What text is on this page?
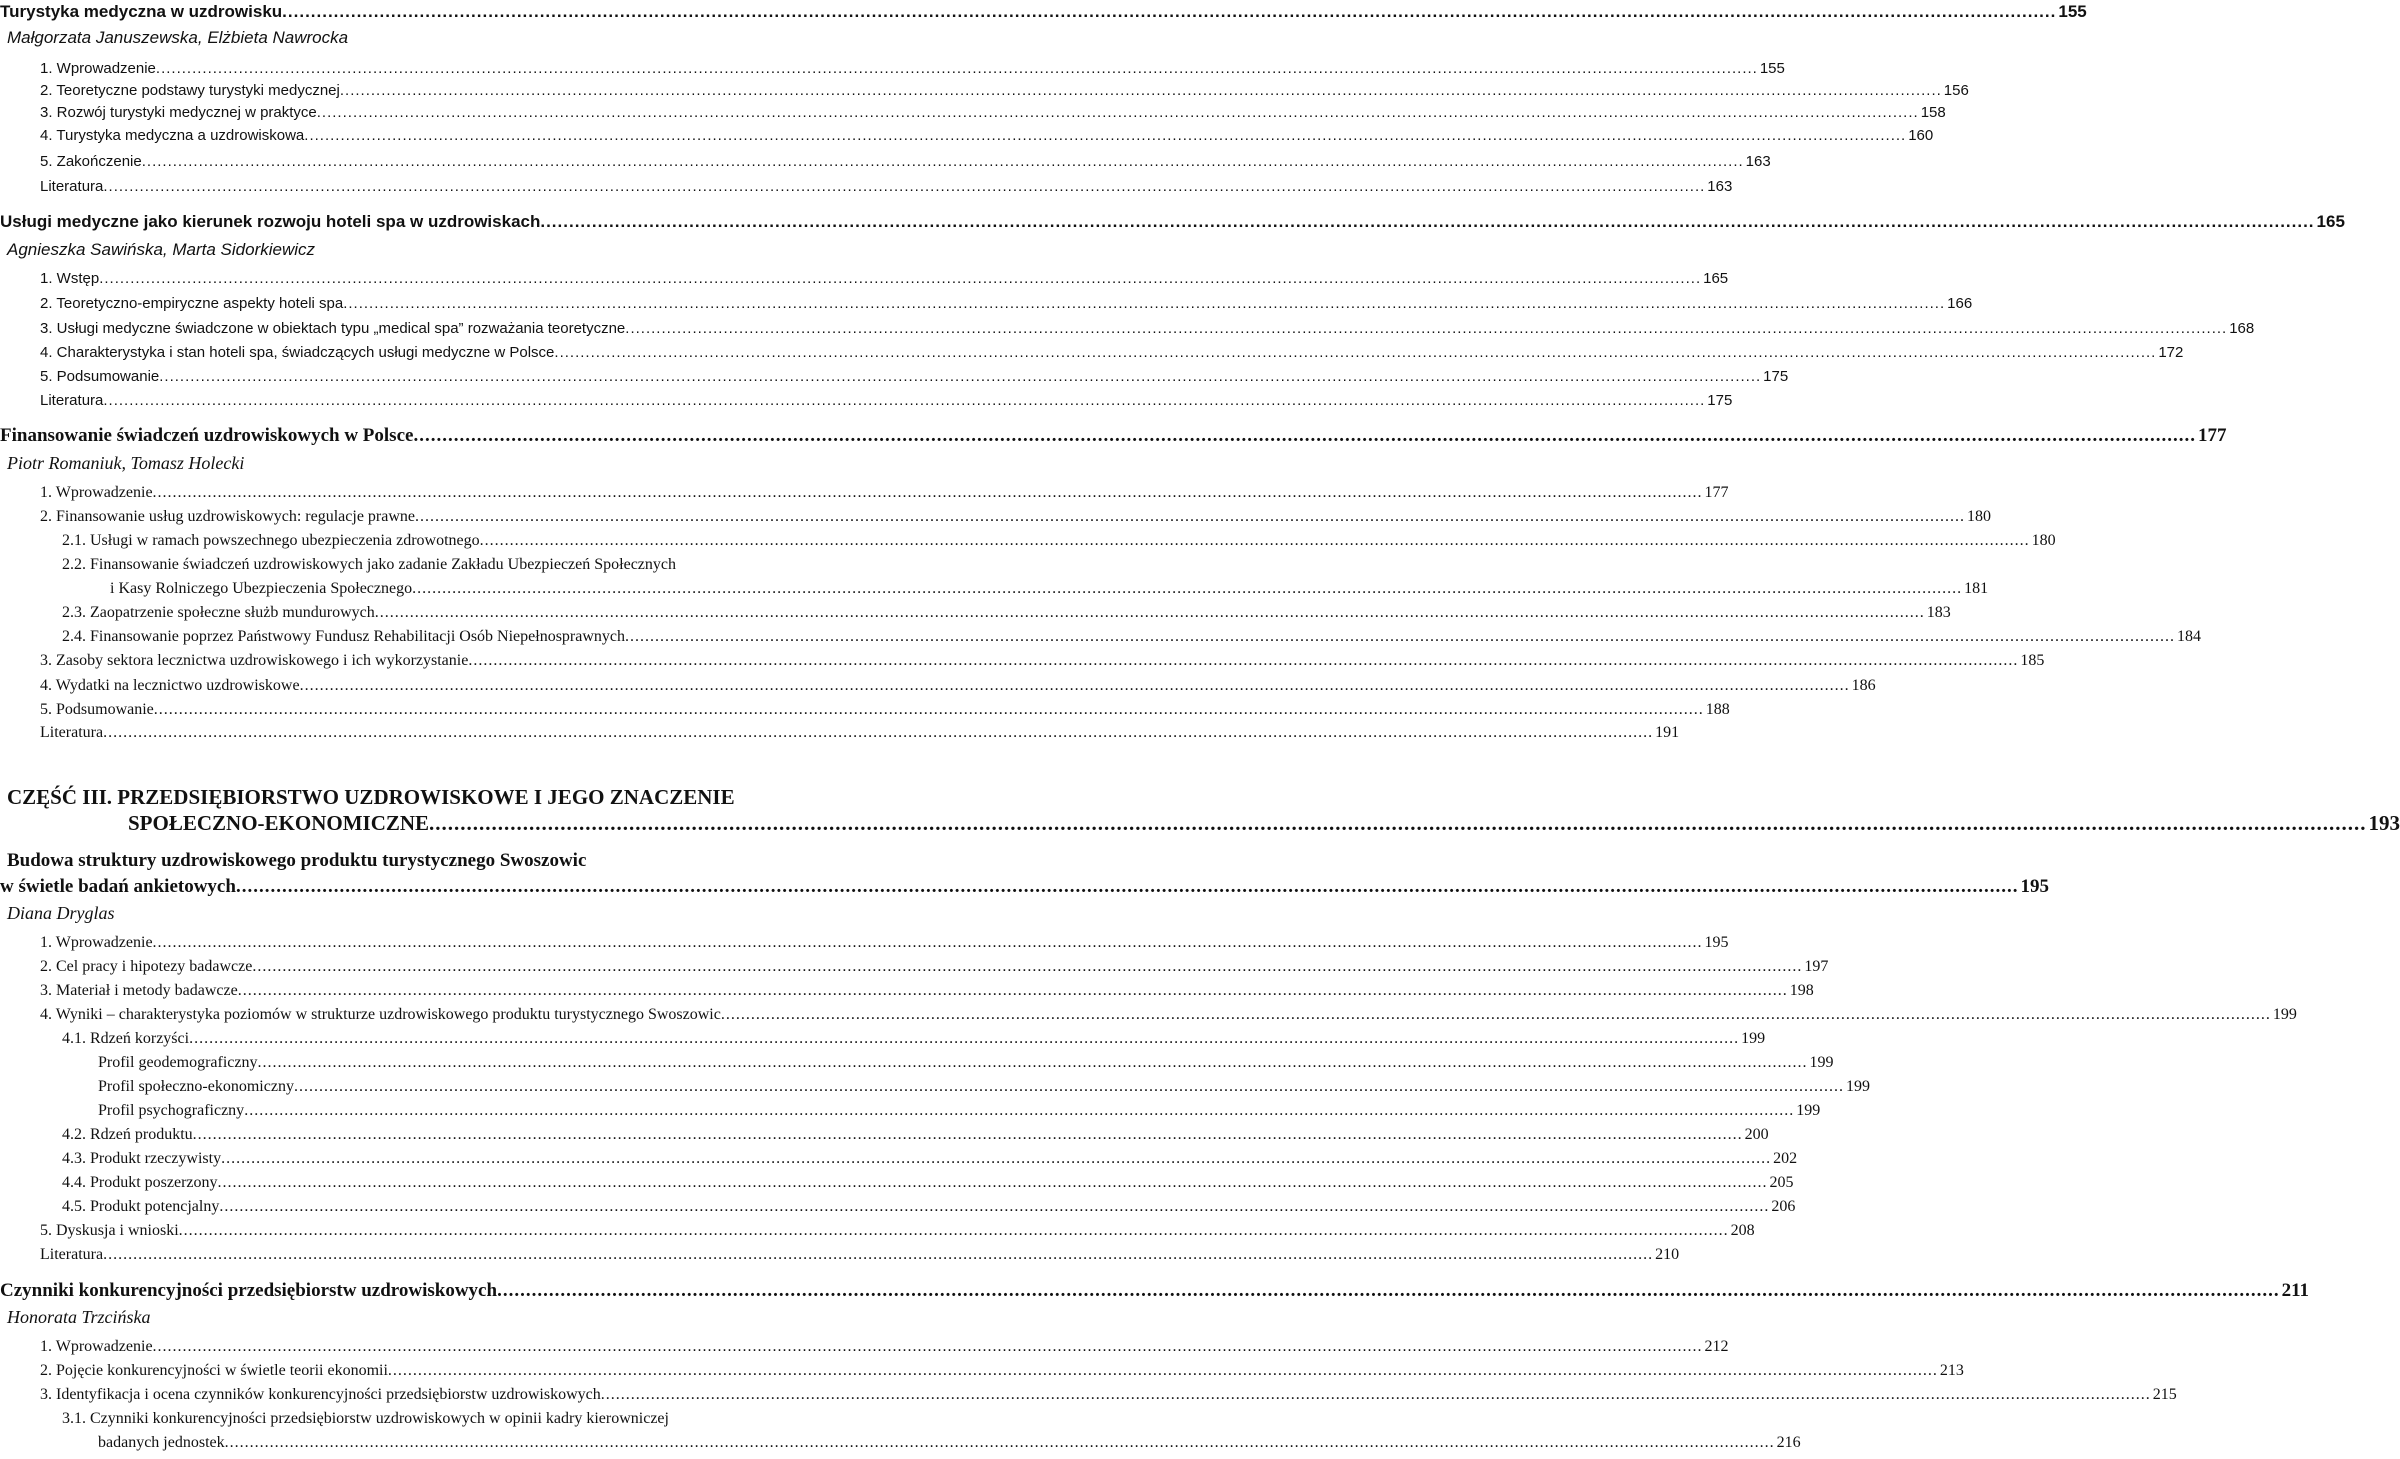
Turystyka medyczna w uzdrowisku .....	155
Małgorzata Januszewska, Elżbieta Nawrocka
1. Wprowadzenie .....	155
2. Teoretyczne podstawy turystyki medycznej .....	156
3. Rozwój turystyki medycznej w praktyce .....	158
4. Turystyka medyczna a uzdrowiskowa .....	160
5. Zakończenie .....	163
Literatura .....	163
Usługi medyczne jako kierunek rozwoju hoteli spa w uzdrowiskach .....	165
Agnieszka Sawińska, Marta Sidorkiewicz
1. Wstęp .....	165
2. Teoretyczno-empiryczne aspekty hoteli spa .....	166
3. Usługi medyczne świadczone w obiektach typu „medical spa” rozważania teoretyczne .....	168
4. Charakterystyka i stan hoteli spa, świadczących usługi medyczne w Polsce .....	172
5. Podsumowanie .....	175
Literatura .....	175
Finansowanie świadczeń uzdrowiskowych w Polsce .....	177
Piotr Romaniuk, Tomasz Holecki
1. Wprowadzenie .....	177
2. Finansowanie usług uzdrowiskowych: regulacje prawne .....	180
2.1. Usługi w ramach powszechnego ubezpieczenia zdrowotnego .....	180
2.2. Finansowanie świadczeń uzdrowiskowych jako zadanie Zakładu Ubezpieczeń Społecznych
i Kasy Rolniczego Ubezpieczenia Społecznego .....	181
2.3. Zaopatrzenie społeczne służb mundurowych .....	183
2.4. Finansowanie poprzez Państwowy Fundusz Rehabilitacji Osób Niepełnosprawnych .....	184
3. Zasoby sektora lecznictwa uzdrowiskowego i ich wykorzystanie .....	185
4. Wydatki na lecznictwo uzdrowiskowe .....	186
5. Podsumowanie .....	188
Literatura .....	191
CZĘŚĆ III. PRZEDSIĘBIORSTWO UZDROWISKOWE I JEGO ZNACZENIE
SPOŁECZNO-EKONOMICZNE .....	193
Budowa struktury uzdrowiskowego produktu turystycznego Swoszowic
w świetle badań ankietowych .....	195
Diana Dryglas
1. Wprowadzenie .....	195
2. Cel pracy i hipotezy badawcze .....	197
3. Materiał i metody badawcze .....	198
4. Wyniki – charakterystyka poziomów w strukturze uzdrowiskowego produktu turystycznego Swoszowic .....	199
4.1. Rdzeń korzyści .....	199
Profil geodemograficzny .....	199
Profil społeczno-ekonomiczny .....	199
Profil psychograficzny .....	199
4.2. Rdzeń produktu .....	200
4.3. Produkt rzeczywisty .....	202
4.4. Produkt poszerzony .....	205
4.5. Produkt potencjalny .....	206
5. Dyskusja i wnioski .....	208
Literatura .....	210
Czynniki konkurencyjności przedsiębiorstw uzdrowiskowych .....	211
Honorata Trzcińska
1. Wprowadzenie .....	212
2. Pojęcie konkurencyjności w świetle teorii ekonomii .....	213
3. Identyfikacja i ocena czynników konkurencyjności przedsiębiorstw uzdrowiskowych .....	215
3.1. Czynniki konkurencyjności przedsiębiorstw uzdrowiskowych w opinii kadry kierowniczej
badanych jednostek .....	216
